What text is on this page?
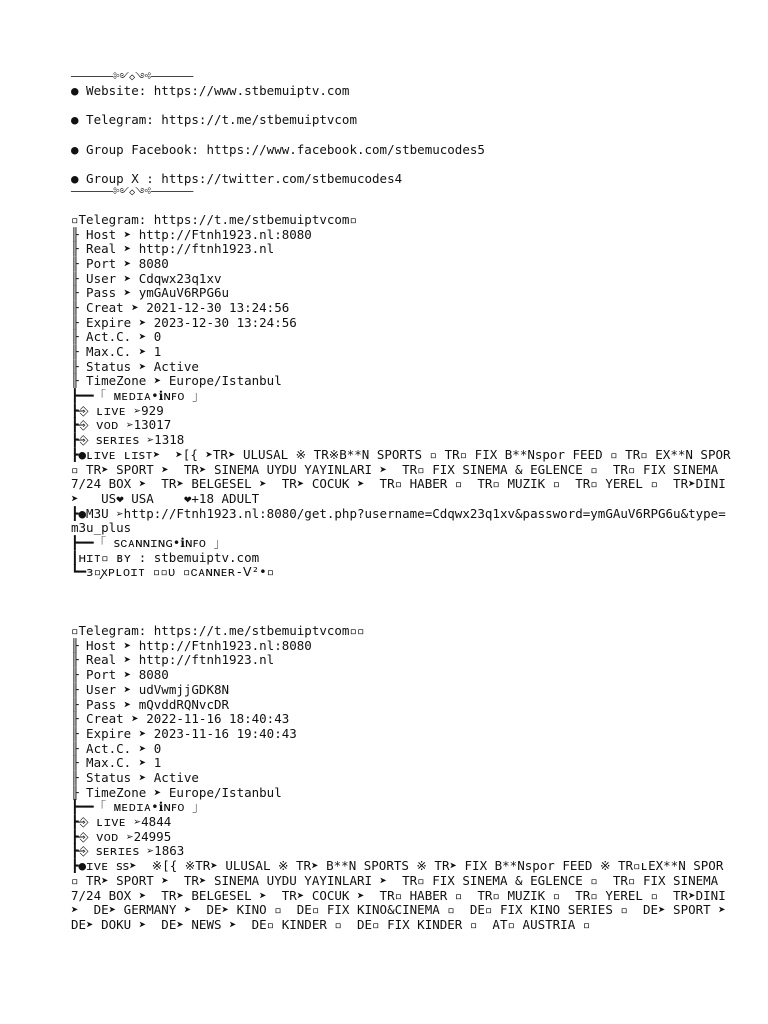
───────༻◇༺───────
● Website: https://www.stbemuiptv.com
● Telegram: https://t.me/stbemuiptvcom
● Group Facebook: https://www.facebook.com/stbemucodes5
● Group X : https://twitter.com/stbemucodes4
───────༻◇༺───────
▫Telegram: https://t.me/stbemuiptvcom▫
╟ Host ➤ http://Ftnh1923.nl:8080
╟ Real ➤ http://ftnh1923.nl
╟ Port ➤ 8080
╟ User ➤ Cdqwx23q1xv
╟ Pass ➤ ymGAuV6RPG6u
╟ Creat ➤ 2021-12-30 13:24:56
╟ Expire ➤ 2023-12-30 13:24:56
╟ Act.C. ➤ 0
╟ Max.C. ➤ 1
╟ Status ➤ Active
╟ TimeZone ➤ Europe/Istanbul
┣━━「 ᴍᴇᴅɪᴀ•ℹɴꜰᴏ 」
┣⎆ ʟɪᴠᴇ ➢929
┣⎆ ᴠᴏᴅ ➢13017
┣⎆ ꜱᴇʀɪᴇꜱ ➢1318
┣●ʟɪᴠᴇ ʟɪꜱᴛ➤  ➤[{ ➤TR➤ ULUSAL ※ TR※B**N SPORTS ▫ TR▫ FIX B**Nspor FEED ▫ TR▫ EX**N SPOR ▫ TR➤ SPORT ➤  TR➤ SINEMA UYDU YAYINLARI ➤  TR▫ FIX SINEMA & EGLENCE ▫  TR▫ FIX SINEMA 7/24 BOX ➤  TR➤ BELGESEL ➤  TR➤ COCUK ➤  TR▫ HABER ▫  TR▫ MUZIK ▫  TR▫ YEREL ▫  TR➤DINI ➤   US❤ USA    ❤+18 ADULT
┣●M3U ➢http://Ftnh1923.nl:8080/get.php?username=Cdqwx23q1xv&password=ymGAuV6RPG6u&type=m3u_plus
┣━━「 ꜱᴄᴀɴɴɪɴɢ•ℹɴꜰᴏ 」
┃ʜɪᴛ▫ ʙʏ : stbemuiptv.com
┗━ɜ▫ꭗᴘʟᴏɪᴛ ▫▫ᴜ ▫ᴄᴀɴɴᴇʀ-ᐯ²•▫
▫Telegram: https://t.me/stbemuiptvcom▫▫
╟ Host ➤ http://Ftnh1923.nl:8080
╟ Real ➤ http://ftnh1923.nl
╟ Port ➤ 8080
╟ User ➤ udVwmjjGDK8N
╟ Pass ➤ mQvddRQNvcDR
╟ Creat ➤ 2022-11-16 18:40:43
╟ Expire ➤ 2023-11-16 19:40:43
╟ Act.C. ➤ 0
╟ Max.C. ➤ 1
╟ Status ➤ Active
╟ TimeZone ➤ Europe/Istanbul
┣━━「 ᴍᴇᴅɪᴀ•ℹɴꜰᴏ 」
┣⎆ ʟɪᴠᴇ ➢4844
┣⎆ ᴠᴏᴅ ➢24995
┣⎆ ꜱᴇʀɪᴇꜱ ➢1863
┣●ɪᴠᴇ ꜱꜱ➤  ※[{ ※TR➤ ULUSAL ※ TR➤ B**N SPORTS ※ TR➤ FIX B**Nspor FEED ※ TR▫ʟEX**N SPOR ▫ TR➤ SPORT ➤  TR➤ SINEMA UYDU YAYINLARI ➤  TR▫ FIX SINEMA & EGLENCE ▫  TR▫ FIX SINEMA 7/24 BOX ➤  TR➤ BELGESEL ➤  TR➤ COCUK ➤  TR▫ HABER ▫  TR▫ MUZIK ▫  TR▫ YEREL ▫  TR➤DINI ➤  DE➤ GERMANY ➤  DE➤ KINO ▫  DE▫ FIX KINO&CINEMA ▫  DE▫ FIX KINO SERIES ▫  DE➤ SPORT ➤  DE➤ DOKU ➤  DE➤ NEWS ➤  DE▫ KINDER ▫  DE▫ FIX KINDER ▫  AT▫ AUSTRIA ▫
